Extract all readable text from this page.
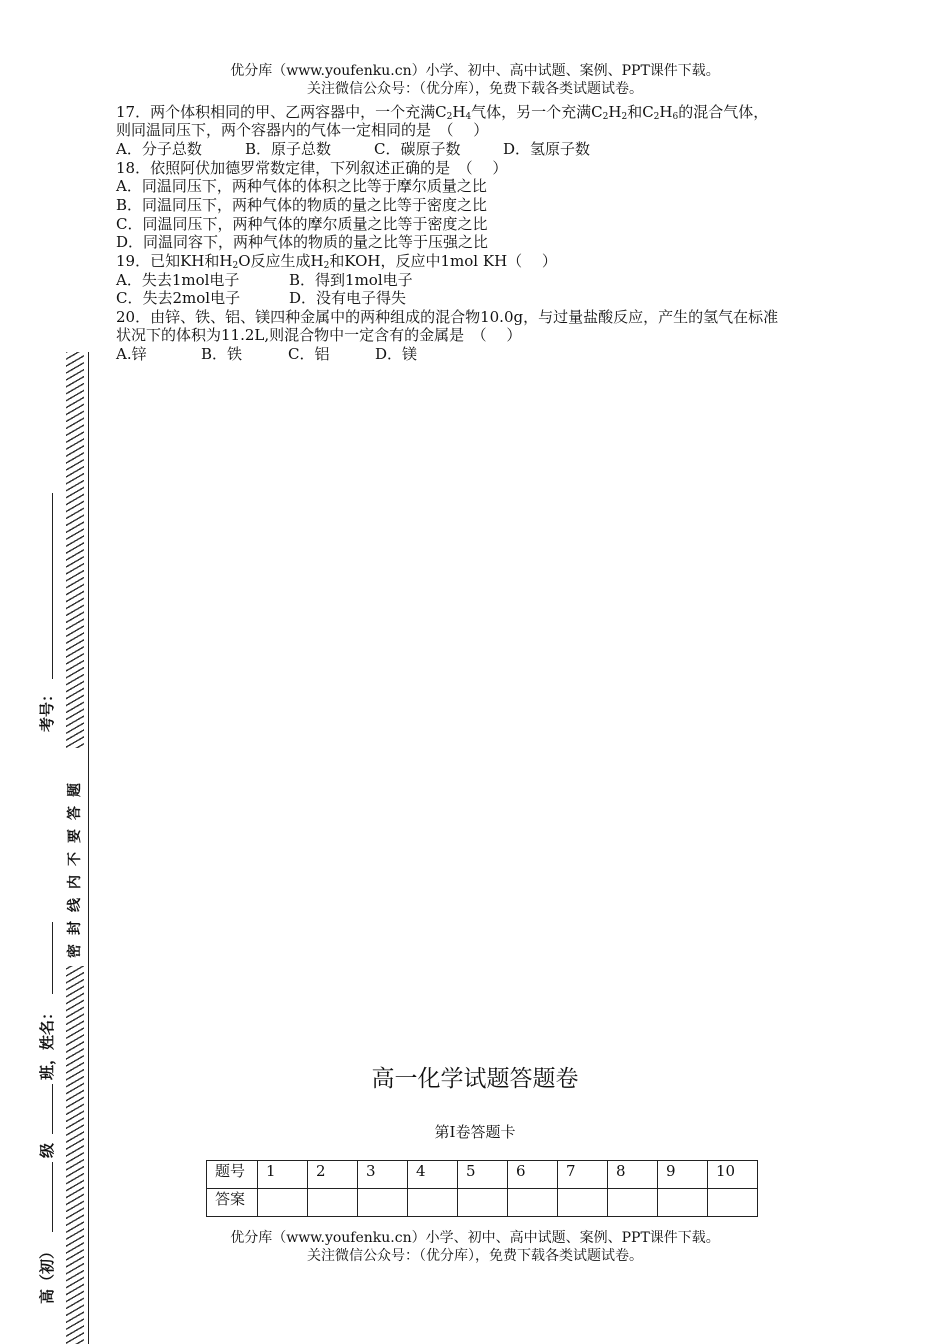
优分库（www.youfenku.cn）小学、初中、高中试题、案例、PPT课件下载。
关注微信公众号：（优分库），免费下载各类试题试卷。
17．两个体积相同的甲、乙两容器中，一个充满$C_2H_4$气体，另一个充满$C_2H_2$和$C_2H_6$的混合气体，
则同温同压下，两个容器内的气体一定相同的是　（　 ）
A．分子总数	B．原子总数	C．碳原子数	D．氢原子数
18．依照阿伏加德罗常数定律，下列叙述正确的是　（　 ）
A．同温同压下，两种气体的体积之比等于摩尔质量之比
B．同温同压下，两种气体的物质的量之比等于密度之比
C．同温同压下，两种气体的摩尔质量之比等于密度之比
D．同温同容下，两种气体的物质的量之比等于压强之比
19．已知KH和$H_2O$反应生成$H_2$和KOH，反应中1mol KH（　 ）
A．失去1mol电子	B．得到1mol电子
C．失去2mol电子	D．没有电子得失
20．由锌、铁、铝、镁四种金属中的两种组成的混合物10.0g，与过量盐酸反应，产生的氢气在标准
状况下的体积为11.2L,则混合物中一定含有的金属是　（　 ）
A.锌	B．铁	C．铝	D．镁
高（初）
级
班，姓名：
考号：
密封线内不要答题
高一化学试题答题卷
第Ⅰ卷答题卡
题号	1	2	3	4	5	6	7	8	9	10
答案										
优分库（www.youfenku.cn）小学、初中、高中试题、案例、PPT课件下载。
关注微信公众号：（优分库），免费下载各类试题试卷。
